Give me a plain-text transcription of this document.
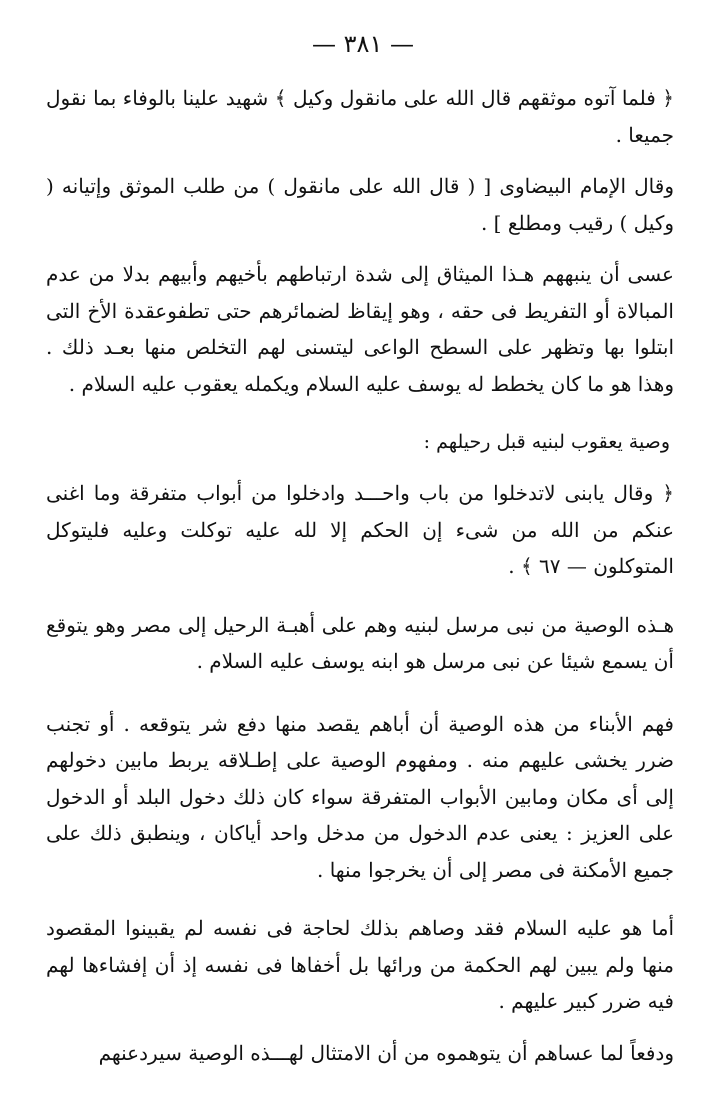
— ٣٨١ —

﴿ فلما آتوه موثقهم قال الله على مانقول وكيل ﴾ شهيد علينا بالوفاء بما نقول جميعا .

وقال الإمام البيضاوى [ ( قال الله على مانقول ) من طلب الموثق وإتيانه ( وكيل ) رقيب ومطلع ] .

عسى أن ينبههم هـذا الميثاق إلى شدة ارتباطهم بأخيهم وأبيهم بدلا من عدم المبالاة أو التفريط فى حقه ، وهو إيقاظ لضمائرهم حتى تطفوعقدة الأخ التى ابتلوا بها وتظهر على السطح الواعى ليتسنى لهم التخلص منها بعـد ذلك . وهذا هو ما كان يخطط له يوسف عليه السلام ويكمله يعقوب عليه السلام .

وصية يعقوب لبنيه قبل رحيلهم :

﴿ وقال يابنى لاتدخلوا من باب واحـــد وادخلوا من أبواب متفرقة وما اغنى عنكم من الله من شىء إن الحكم إلا لله عليه توكلت وعليه فليتوكل المتوكلون — ٦٧ ﴾ .

هـذه الوصية من نبى مرسل لبنيه وهم على أهبـة الرحيل إلى مصر وهو يتوقع أن يسمع شيئا عن نبى مرسل هو ابنه يوسف عليه السلام .

فهم الأبناء من هذه الوصية أن أباهم يقصد منها دفع شر يتوقعه . أو تجنب ضرر يخشى عليهم منه . ومفهوم الوصية على إطـلاقه يربط مابين دخولهم إلى أى مكان ومابين الأبواب المتفرقة سواء كان ذلك دخول البلد أو الدخول على العزيز : يعنى عدم الدخول من مدخل واحد أياكان ، وينطبق ذلك على جميع الأمكنة فى مصر إلى أن يخرجوا منها .

أما هو عليه السلام فقد وصاهم بذلك لحاجة فى نفسه لم يقبينوا المقصود منها ولم يبين لهم الحكمة من ورائها بل أخفاها فى نفسه إذ أن إفشاءها لهم فيه ضرر كبير عليهم .

ودفعاً لما عساهم أن يتوهموه من أن الامتثال لهـــذه الوصية سيردعنهم
